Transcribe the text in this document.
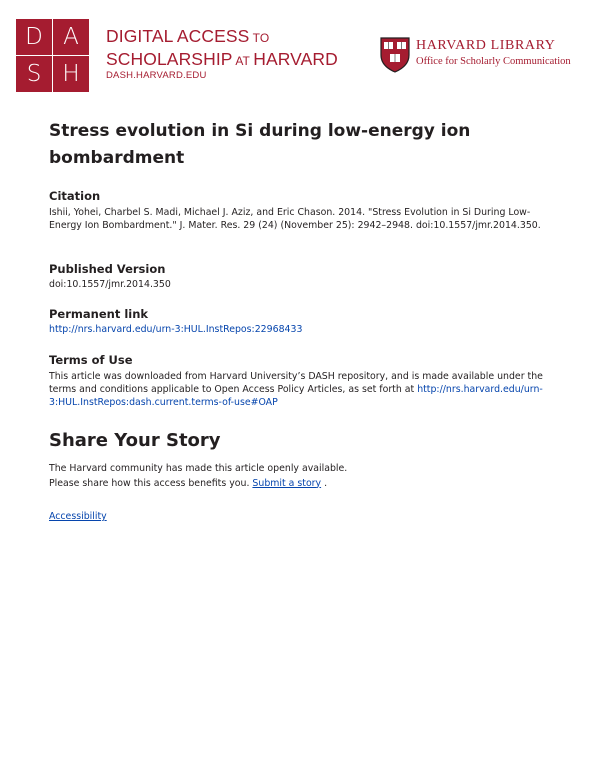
D A
S H
DIGITAL ACCESS TO
SCHOLARSHIP AT HARVARD
DASH.HARVARD.EDU
HARVARD LIBRARY
Office for Scholarly Communication
Stress evolution in Si during low-energy ion bombardment
Citation
Ishii, Yohei, Charbel S. Madi, Michael J. Aziz, and Eric Chason. 2014. "Stress Evolution in Si During Low-Energy Ion Bombardment." J. Mater. Res. 29 (24) (November 25): 2942–2948. doi:10.1557/jmr.2014.350.
Published Version
doi:10.1557/jmr.2014.350
Permanent link
http://nrs.harvard.edu/urn-3:HUL.InstRepos:22968433
Terms of Use
This article was downloaded from Harvard University’s DASH repository, and is made available under the terms and conditions applicable to Open Access Policy Articles, as set forth at http://nrs.harvard.edu/urn-3:HUL.InstRepos:dash.current.terms-of-use#OAP
Share Your Story
The Harvard community has made this article openly available.
Please share how this access benefits you. Submit a story .
Accessibility
